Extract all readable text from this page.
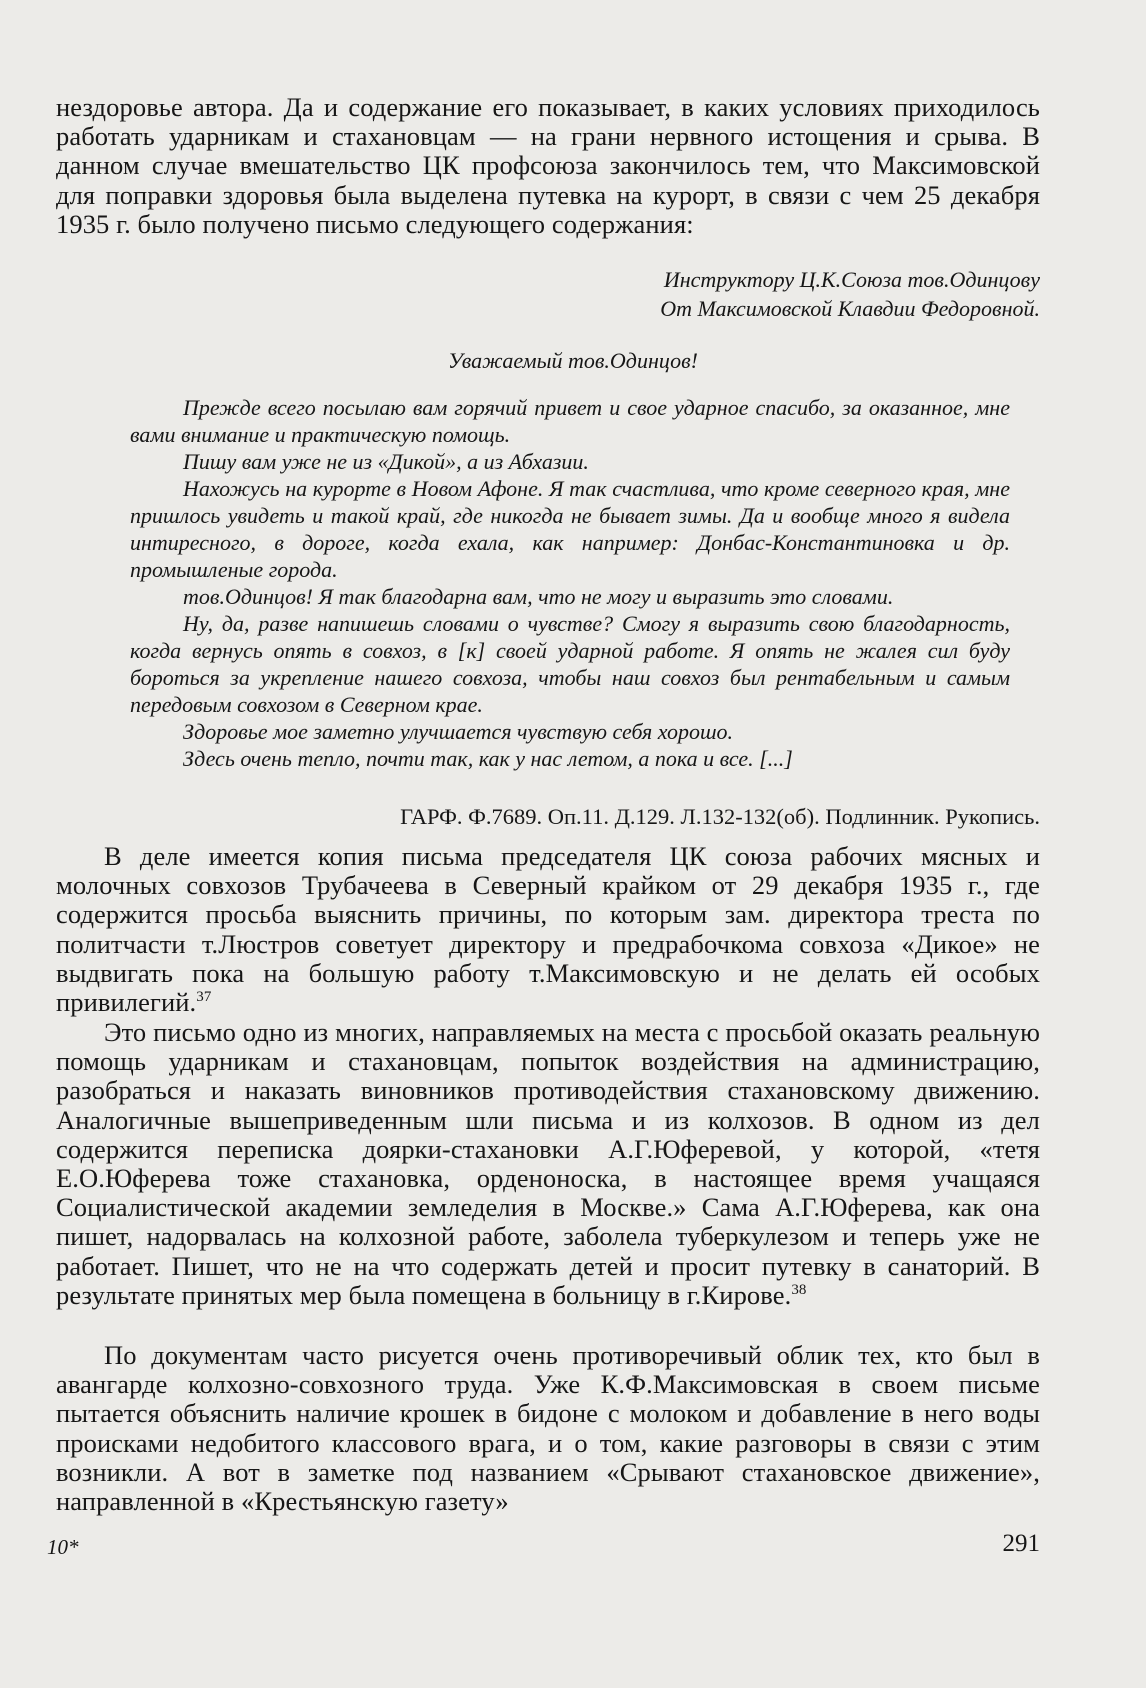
нездоровье автора. Да и содержание его показывает, в каких условиях приходилось работать ударникам и стахановцам — на грани нервного истощения и срыва. В данном случае вмешательство ЦК профсоюза закончилось тем, что Максимовской для поправки здоровья была выделена путевка на курорт, в связи с чем 25 декабря 1935 г. было получено письмо следующего содержания:

Инструктору Ц.К.Союза тов.Одинцову

От Максимовской Клавдии Федоровной.

Уважаемый тов.Одинцов!

Прежде всего посылаю вам горячий привет и свое ударное спасибо, за оказанное, мне вами внимание и практическую помощь.

Пишу вам уже не из «Дикой», а из Абхазии.

Нахожусь на курорте в Новом Афоне. Я так счастлива, что кроме северного края, мне пришлось увидеть и такой край, где никогда не бывает зимы. Да и вообще много я видела интиресного, в дороге, когда ехала, как например: Донбас-Константиновка и др. промышленые города.

тов.Одинцов! Я так благодарна вам, что не могу и выразить это словами.

Ну, да, разве напишешь словами о чувстве? Смогу я выразить свою благодарность, когда вернусь опять в совхоз, в [к] своей ударной работе. Я опять не жалея сил буду бороться за укрепление нашего совхоза, чтобы наш совхоз был рентабельным и самым передовым совхозом в Северном крае.

Здоровье мое заметно улучшается чувствую себя хорошо.

Здесь очень тепло, почти так, как у нас летом, а пока и все. [...]

ГАРФ. Ф.7689. Оп.11. Д.129. Л.132-132(об). Подлинник. Рукопись.

В деле имеется копия письма председателя ЦК союза рабочих мясных и молочных совхозов Трубачеева в Северный крайком от 29 декабря 1935 г., где содержится просьба выяснить причины, по которым зам. директора треста по политчасти т.Люстров советует директору и предрабочкома совхоза «Дикое» не выдвигать пока на большую работу т.Максимовскую и не делать ей особых привилегий.$^{37}$

Это письмо одно из многих, направляемых на места с просьбой оказать реальную помощь ударникам и стахановцам, попыток воздействия на администрацию, разобраться и наказать виновников противодействия стахановскому движению. Аналогичные вышеприведенным шли письма и из колхозов. В одном из дел содержится переписка доярки-стахановки А.Г.Юферевой, у которой, «тетя Е.О.Юферева тоже стахановка, орденоноска, в настоящее время учащаяся Социалистической академии земледелия в Москве.» Сама А.Г.Юферева, как она пишет, надорвалась на колхозной работе, заболела туберкулезом и теперь уже не работает. Пишет, что не на что содержать детей и просит путевку в санаторий. В результате принятых мер была помещена в больницу в г.Кирове.$^{38}$

По документам часто рисуется очень противоречивый облик тех, кто был в авангарде колхозно-совхозного труда. Уже К.Ф.Максимовская в своем письме пытается объяснить наличие крошек в бидоне с молоком и добавление в него воды происками недобитого классового врага, и о том, какие разговоры в связи с этим возникли. А вот в заметке под названием «Срывают стахановское движение», направленной в «Крестьянскую газету»

10*	291
